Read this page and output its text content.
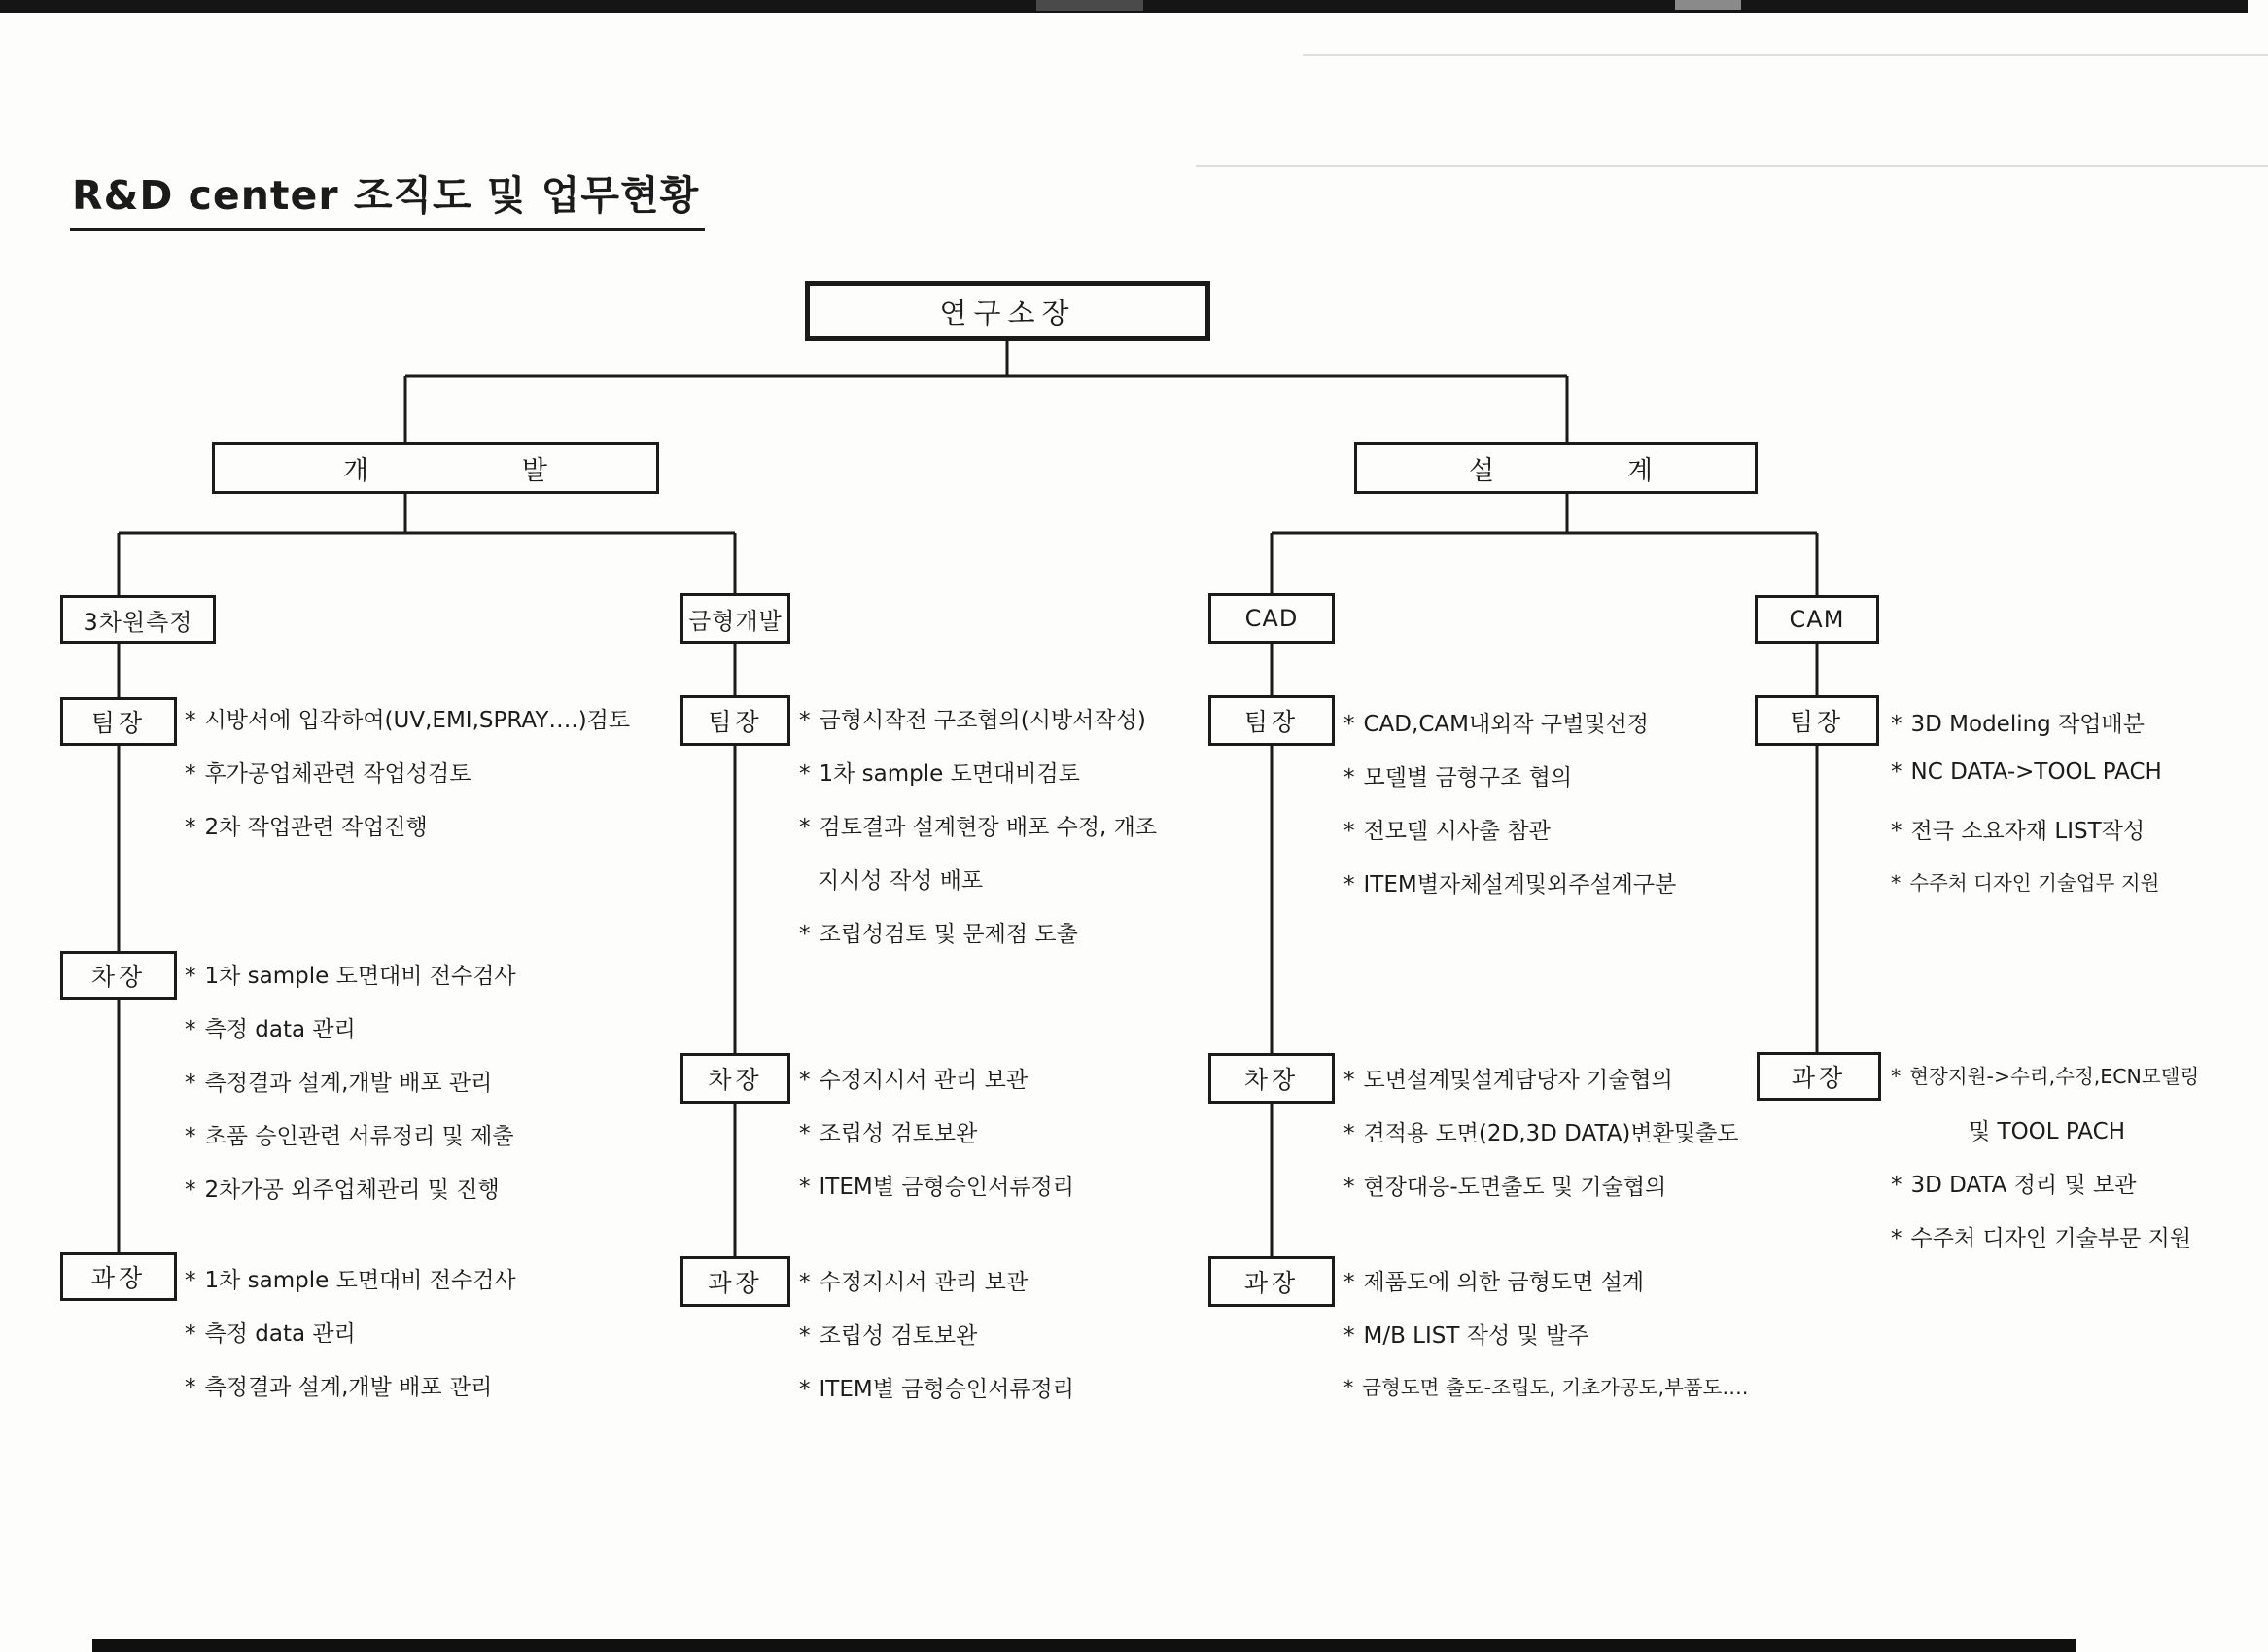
R&D center 조직도 및 업무현황
연구소장
개	발	설	계
3차원측정
팀장 * 시방서에 입각하여(UV,EMI,SPRAY….)검토
* 후가공업체관련 작업성검토
* 2차 작업관련 작업진행
차장 * 1차 sample 도면대비 전수검사
* 측정 data 관리
* 측정결과 설계,개발 배포 관리
* 초품 승인관련 서류정리 및 제출
* 2차가공 외주업체관리 및 진행
과장 * 1차 sample 도면대비 전수검사
* 측정 data 관리
* 측정결과 설계,개발 배포 관리
금형개발
팀장 * 금형시작전 구조협의(시방서작성)
* 1차 sample 도면대비검토
* 검토결과 설계현장 배포 수정, 개조
지시성 작성 배포
* 조립성검토 및 문제점 도출
차장 * 수정지시서 관리 보관
* 조립성 검토보완
* ITEM별 금형승인서류정리
과장 * 수정지시서 관리 보관
* 조립성 검토보완
* ITEM별 금형승인서류정리
CAD
팀장 * CAD,CAM내외작 구별및선정
* 모델별 금형구조 협의
* 전모델 시사출 참관
* ITEM별자체설계및외주설계구분
차장 * 도면설계및설계담당자 기술협의
* 견적용 도면(2D,3D DATA)변환및출도
* 현장대응-도면출도 및 기술협의
과장 * 제품도에 의한 금형도면 설계
* M/B LIST 작성 및 발주
* 금형도면 출도-조립도, 기초가공도,부품도….
CAM
팀장 * 3D Modeling 작업배분
* NC DATA->TOOL PACH
* 전극 소요자재 LIST작성
* 수주처 디자인 기술업무 지원
과장 * 현장지원->수리,수정,ECN모델링
및 TOOL PACH
* 3D DATA 정리 및 보관
* 수주처 디자인 기술부문 지원
